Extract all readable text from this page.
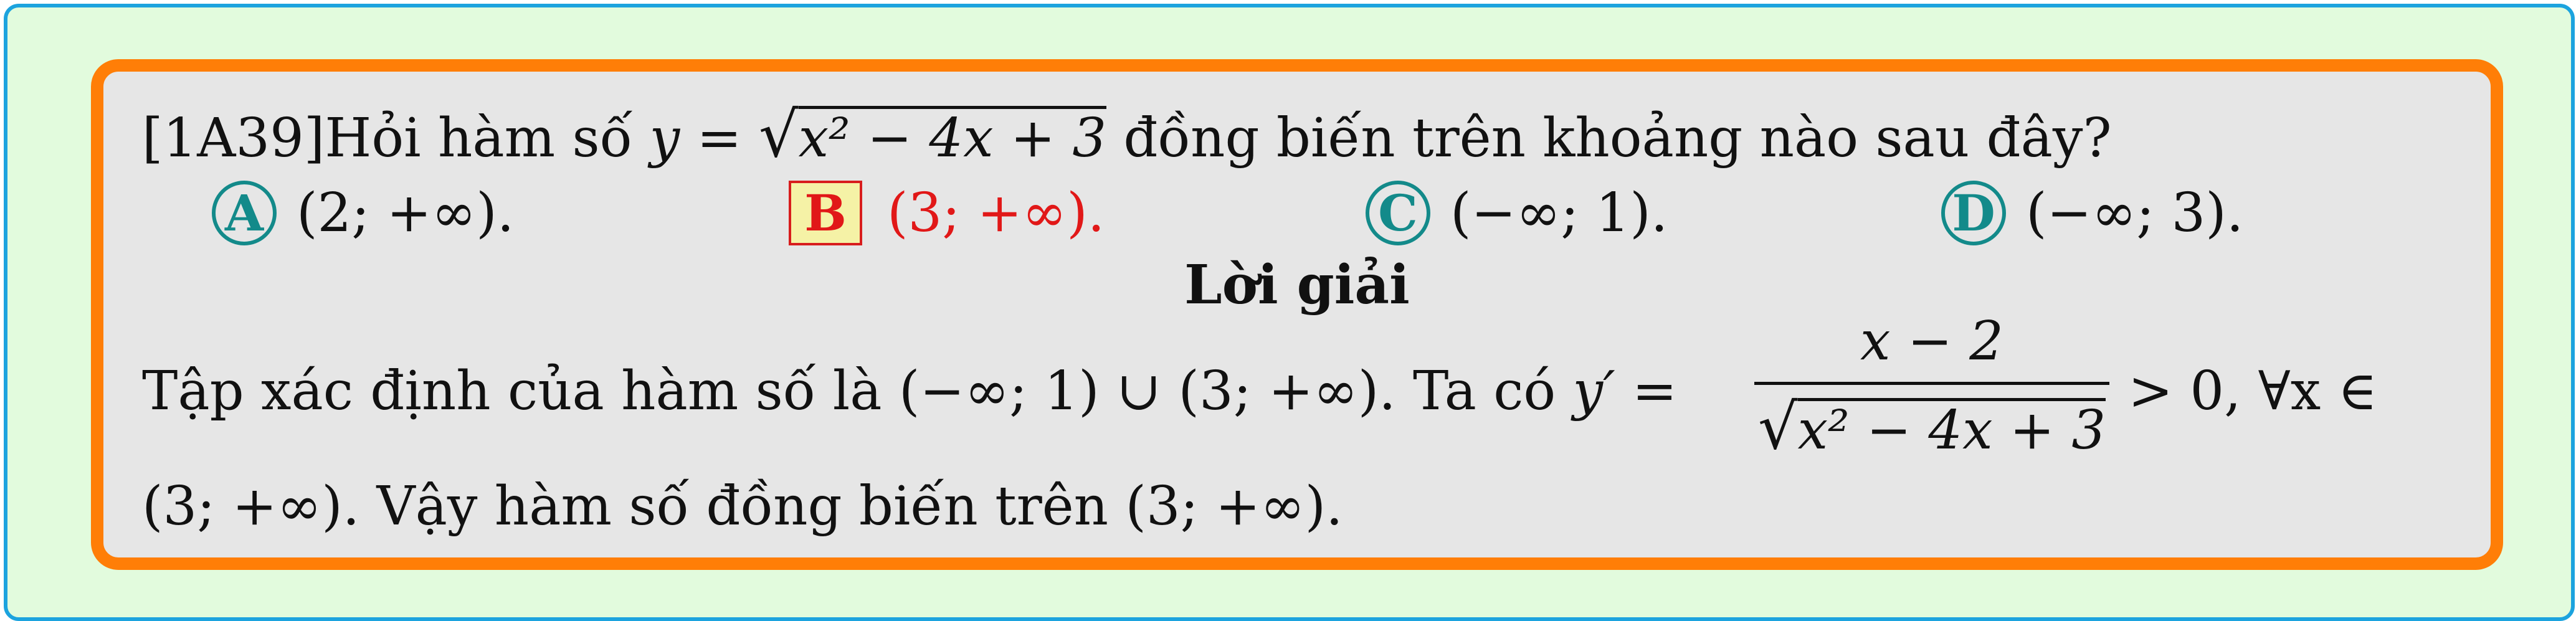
[1A39]Hỏi hàm số y = √x² − 4x + 3 đồng biến trên khoảng nào sau đây?
A (2; +∞).	B (3; +∞).	C (−∞; 1).	D (−∞; 3).
Lời giải
Tập xác định của hàm số là (−∞; 1) ∪ (3; +∞). Ta có y′ =
x − 2
√x² − 4x + 3
> 0, ∀x ∈
(3; +∞). Vậy hàm số đồng biến trên (3; +∞).
